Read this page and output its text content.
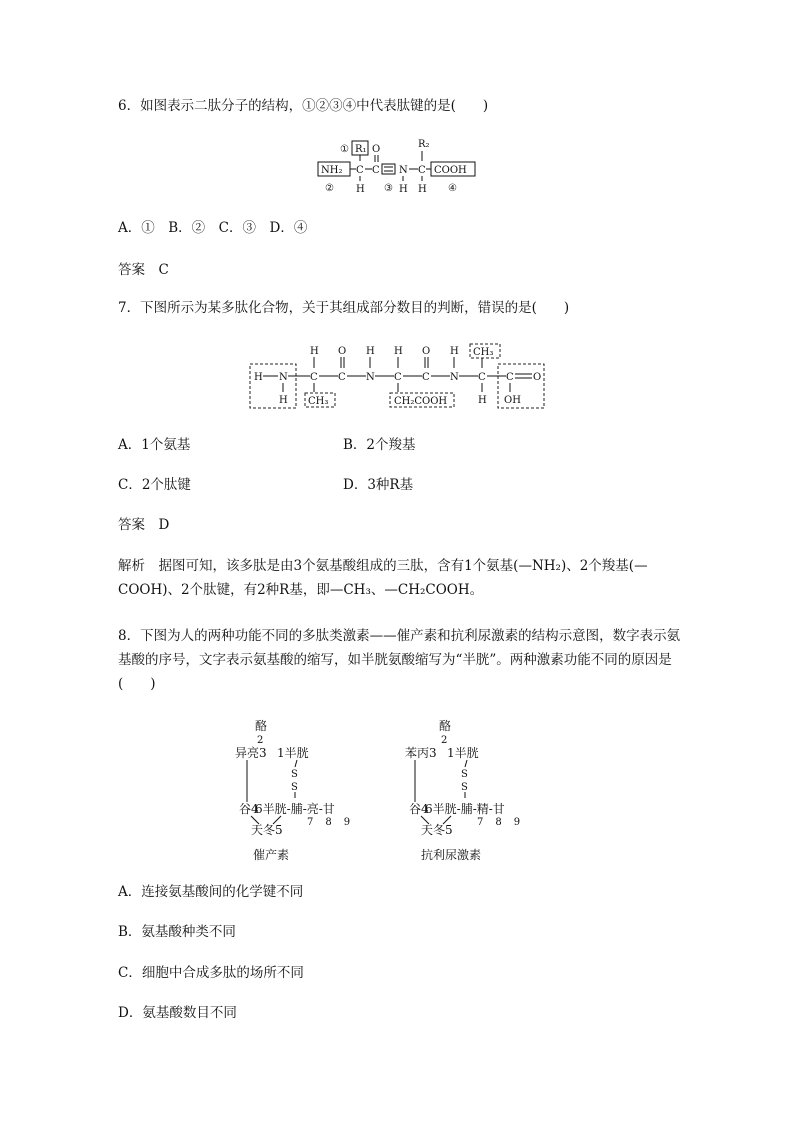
6．如图表示二肽分子的结构，①②③④中代表肽键的是(　　)
① R₁
NH₂ C
H
②
C
O
③
N
H
R₂
C
H
COOH
④
A．①　B．②　C．③　D．④
答案　C
7．下图所示为某多肽化合物，关于其组成部分数目的判断，错误的是(　　)
H N
H
H
C
CH₃
C
O
N
H H
C
CH₂COOH
C
O
N
H CH₃
C
H
C O
OH
A．1个氨基	B．2个羧基
C．2个肽键	D．3种R基
答案　D
解析　据图可知，该多肽是由3个氨基酸组成的三肽，含有1个氨基(—NH₂)、2个羧基(—COOH)、2个肽键，有2种R基，即—CH₃、—CH₂COOH。
8．下图为人的两种功能不同的多肽类激素——催产素和抗利尿激素的结构示意图，数字表示氨基酸的序号，文字表示氨基酸的缩写，如半胱氨酸缩写为“半胱”。两种激素功能不同的原因是(　　)
酪
2
异亮3 1半胱
S
S
谷4
6半胱-脯-亮-甘
7　8　9
天冬5
催产素
酪
2
苯丙3 1半胱
S
S
谷4
6半胱-脯-精-甘
7　8　9
天冬5
抗利尿激素
A．连接氨基酸间的化学键不同
B．氨基酸种类不同
C．细胞中合成多肽的场所不同
D．氨基酸数目不同
